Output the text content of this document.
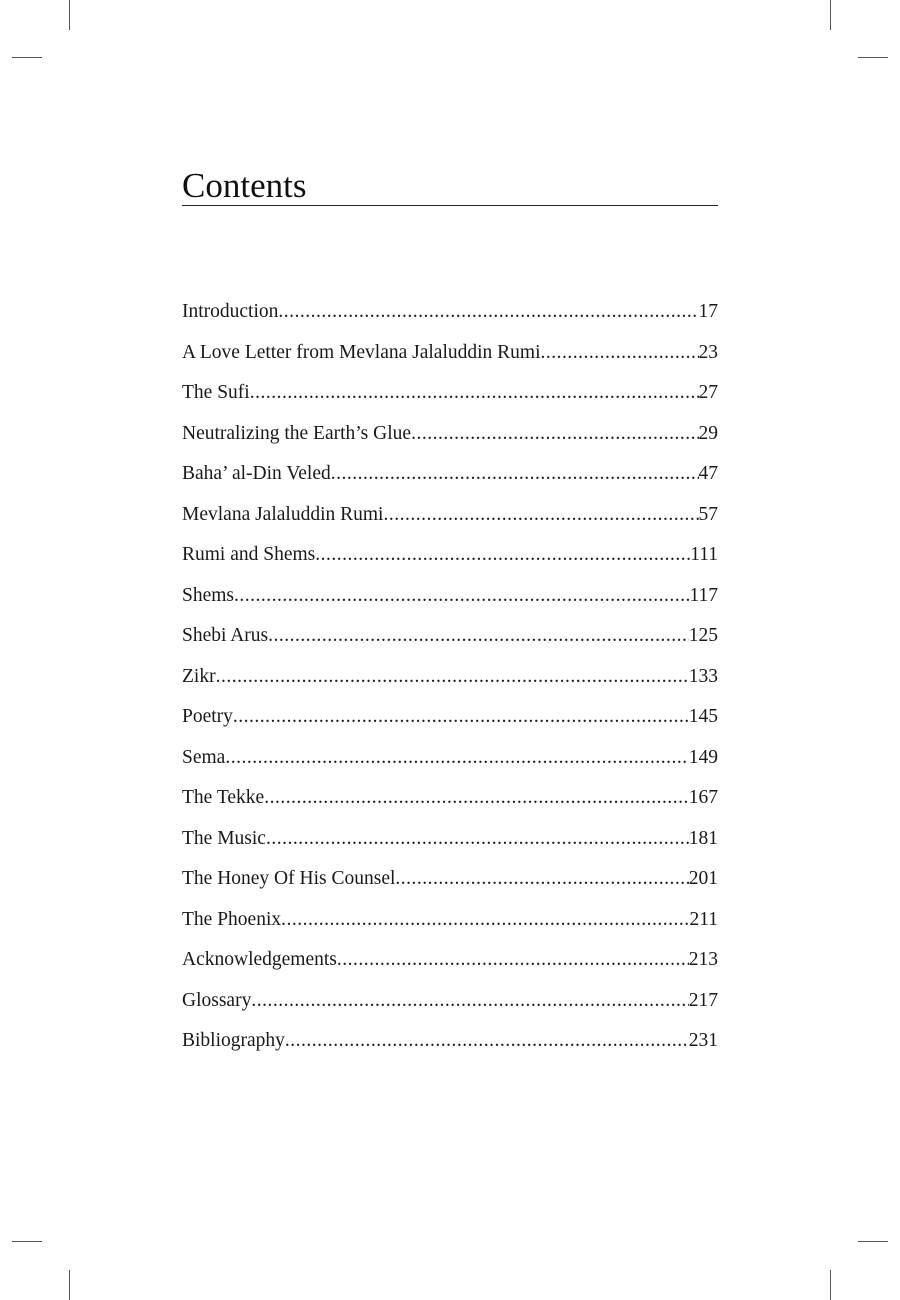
Contents
Introduction .....	17
A Love Letter from Mevlana Jalaluddin Rumi .....	23
The Sufi .....	27
Neutralizing the Earth’s Glue .....	29
Baha’ al-Din Veled .....	47
Mevlana Jalaluddin Rumi .....	57
Rumi and Shems .....	111
Shems .....	117
Shebi Arus .....	125
Zikr .....	133
Poetry .....	145
Sema .....	149
The Tekke .....	167
The Music .....	181
The Honey Of His Counsel .....	201
The Phoenix .....	211
Acknowledgements .....	213
Glossary .....	217
Bibliography .....	231
